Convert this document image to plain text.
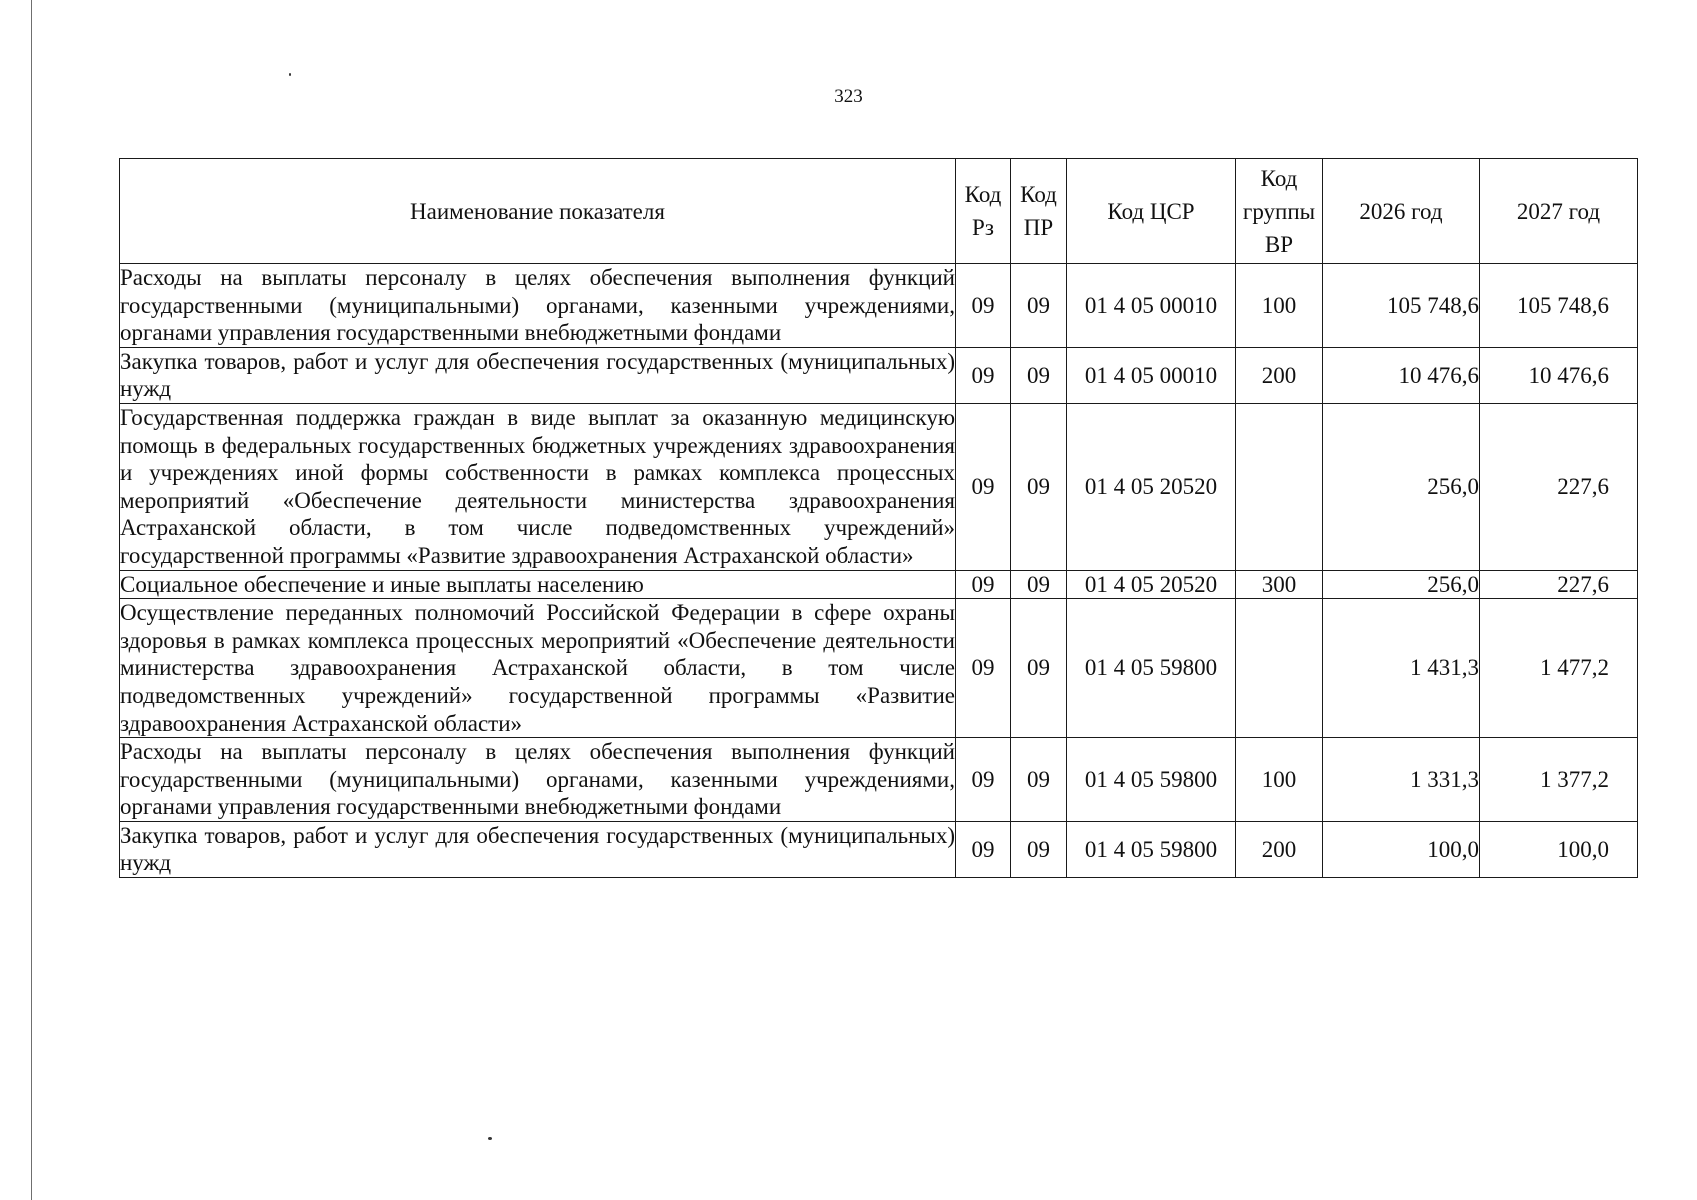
323
Наименование показателя	Код Рз	Код ПР	Код ЦСР	Код группы ВР	2026 год	2027 год
Расходы на выплаты персоналу в целях обеспечения выполнения функций государственными (муниципальными) органами, казенными учреждениями, органами управления государственными внебюджетными фондами	09	09	01 4 05 00010	100	105 748,6	105 748,6
Закупка товаров, работ и услуг для обеспечения государственных (муниципальных) нужд	09	09	01 4 05 00010	200	10 476,6	10 476,6
Государственная поддержка граждан в виде выплат за оказанную медицинскую помощь в федеральных государственных бюджетных учреждениях здравоохранения и учреждениях иной формы собственности в рамках комплекса процессных мероприятий «Обеспечение деятельности министерства здравоохранения Астраханской области, в том числе подведомственных учреждений» государственной программы «Развитие здравоохранения Астраханской области»	09	09	01 4 05 20520		256,0	227,6
Социальное обеспечение и иные выплаты населению	09	09	01 4 05 20520	300	256,0	227,6
Осуществление переданных полномочий Российской Федерации в сфере охраны здоровья в рамках комплекса процессных мероприятий «Обеспечение деятельности министерства здравоохранения Астраханской области, в том числе подведомственных учреждений» государственной программы «Развитие здравоохранения Астраханской области»	09	09	01 4 05 59800		1 431,3	1 477,2
Расходы на выплаты персоналу в целях обеспечения выполнения функций государственными (муниципальными) органами, казенными учреждениями, органами управления государственными внебюджетными фондами	09	09	01 4 05 59800	100	1 331,3	1 377,2
Закупка товаров, работ и услуг для обеспечения государственных (муниципальных) нужд	09	09	01 4 05 59800	200	100,0	100,0
